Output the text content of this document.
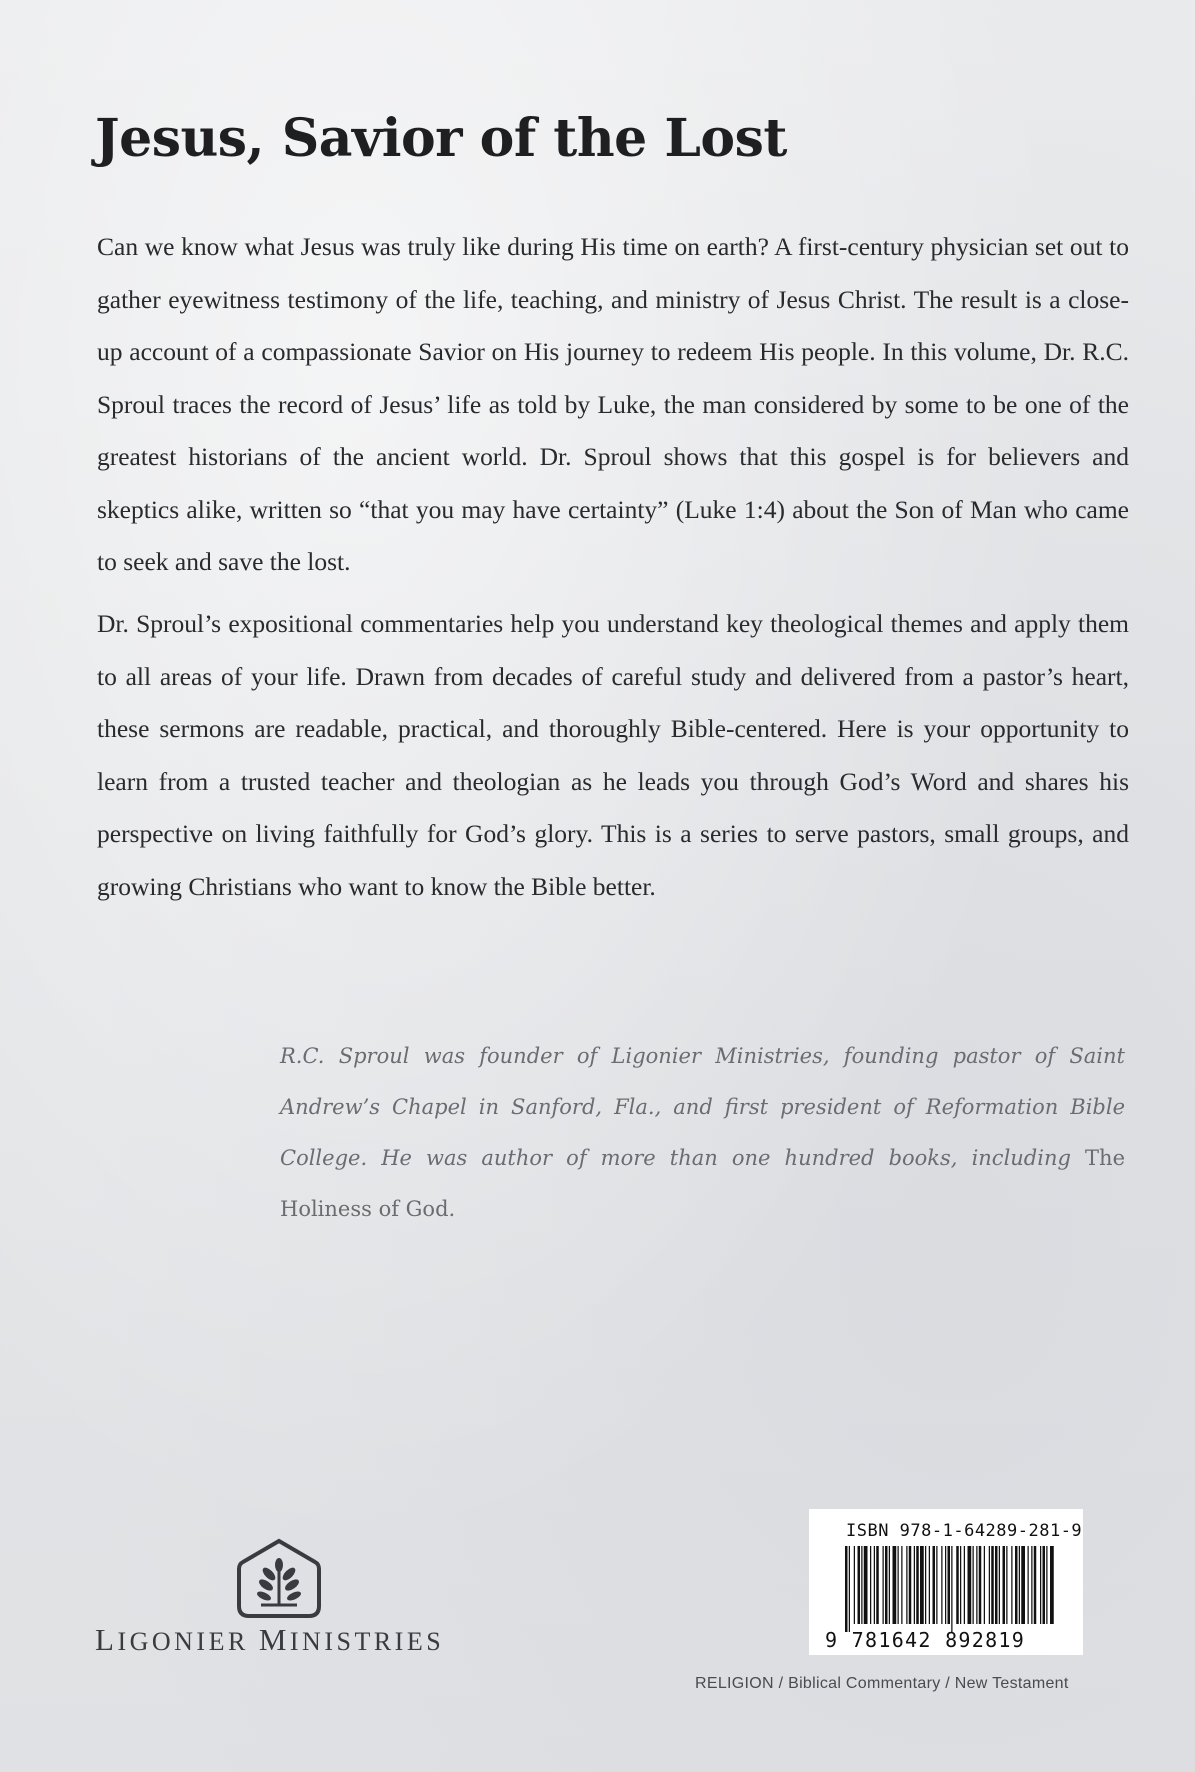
Jesus, Savior of the Lost

Can we know what Jesus was truly like during His time on earth? A first-century physician set out to gather eyewitness testimony of the life, teaching, and ministry of Jesus Christ. The result is a close-up account of a compassionate Savior on His journey to redeem His people. In this volume, Dr. R.C. Sproul traces the record of Jesus’ life as told by Luke, the man considered by some to be one of the greatest historians of the ancient world. Dr. Sproul shows that this gospel is for believers and skeptics alike, written so “that you may have certainty” (Luke 1:4) about the Son of Man who came to seek and save the lost.

Dr. Sproul’s expositional commentaries help you understand key theological themes and apply them to all areas of your life. Drawn from decades of careful study and delivered from a pastor’s heart, these sermons are readable, practical, and thoroughly Bible-centered. Here is your opportunity to learn from a trusted teacher and theologian as he leads you through God’s Word and shares his perspective on living faithfully for God’s glory. This is a series to serve pastors, small groups, and growing Christians who want to know the Bible better.

R.C. Sproul was founder of Ligonier Ministries, founding pastor of Saint Andrew’s Chapel in Sanford, Fla., and first president of Reformation Bible College. He was author of more than one hundred books, including The Holiness of God.

LIGONIER MINISTRIES
ISBN 978-1-64289-281-9
9 781642 892819
RELIGION / Biblical Commentary / New Testament
